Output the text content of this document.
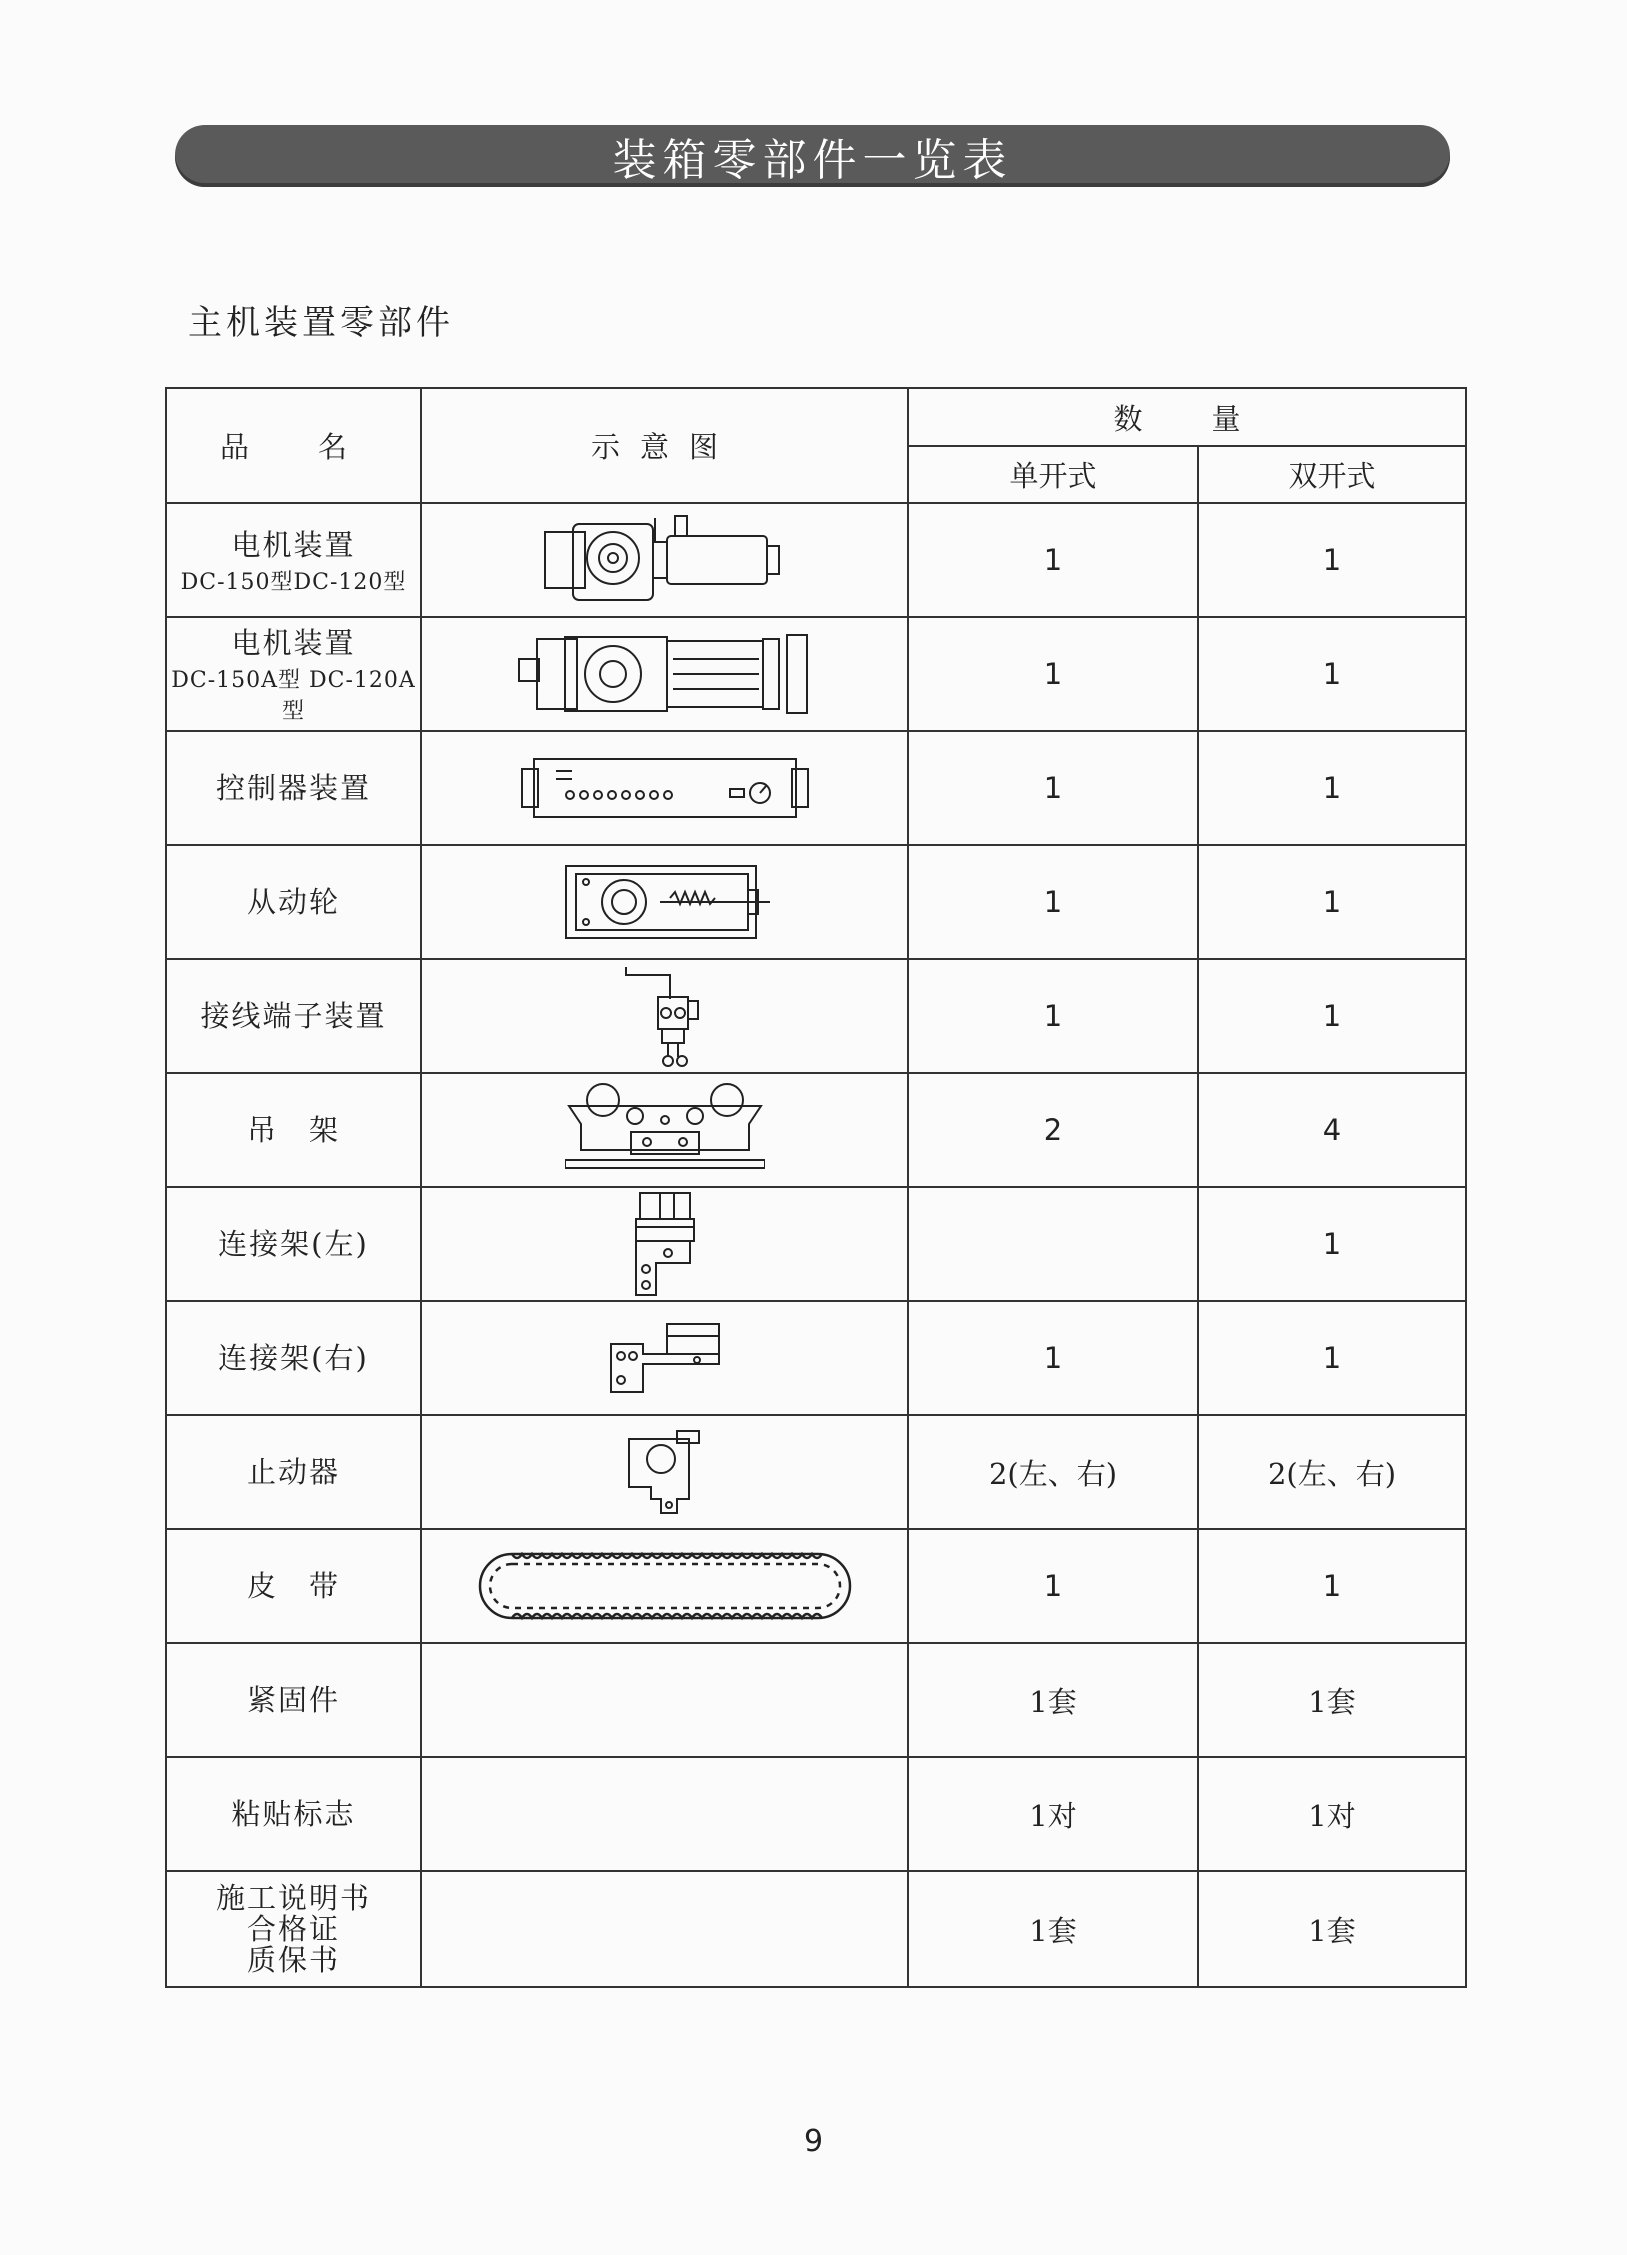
装箱零部件一览表
主机装置零部件
品　名	示意图	数　量	
		单开式	双开式

电机装置
DC-150型DC-120型		1	1

电机装置
DC-150A型 DC-120A型		1	1
控制器装置		1	1
从动轮		1	1
接线端子装置		1	1
吊　架		2	4
连接架(左)			1
连接架(右)		1	1
止动器		2(左、右)	2(左、右)
皮　带		1	1
紧固件		1套	1套
粘贴标志		1对	1对

施工说明书
合格证
质保书		1套	1套
9
